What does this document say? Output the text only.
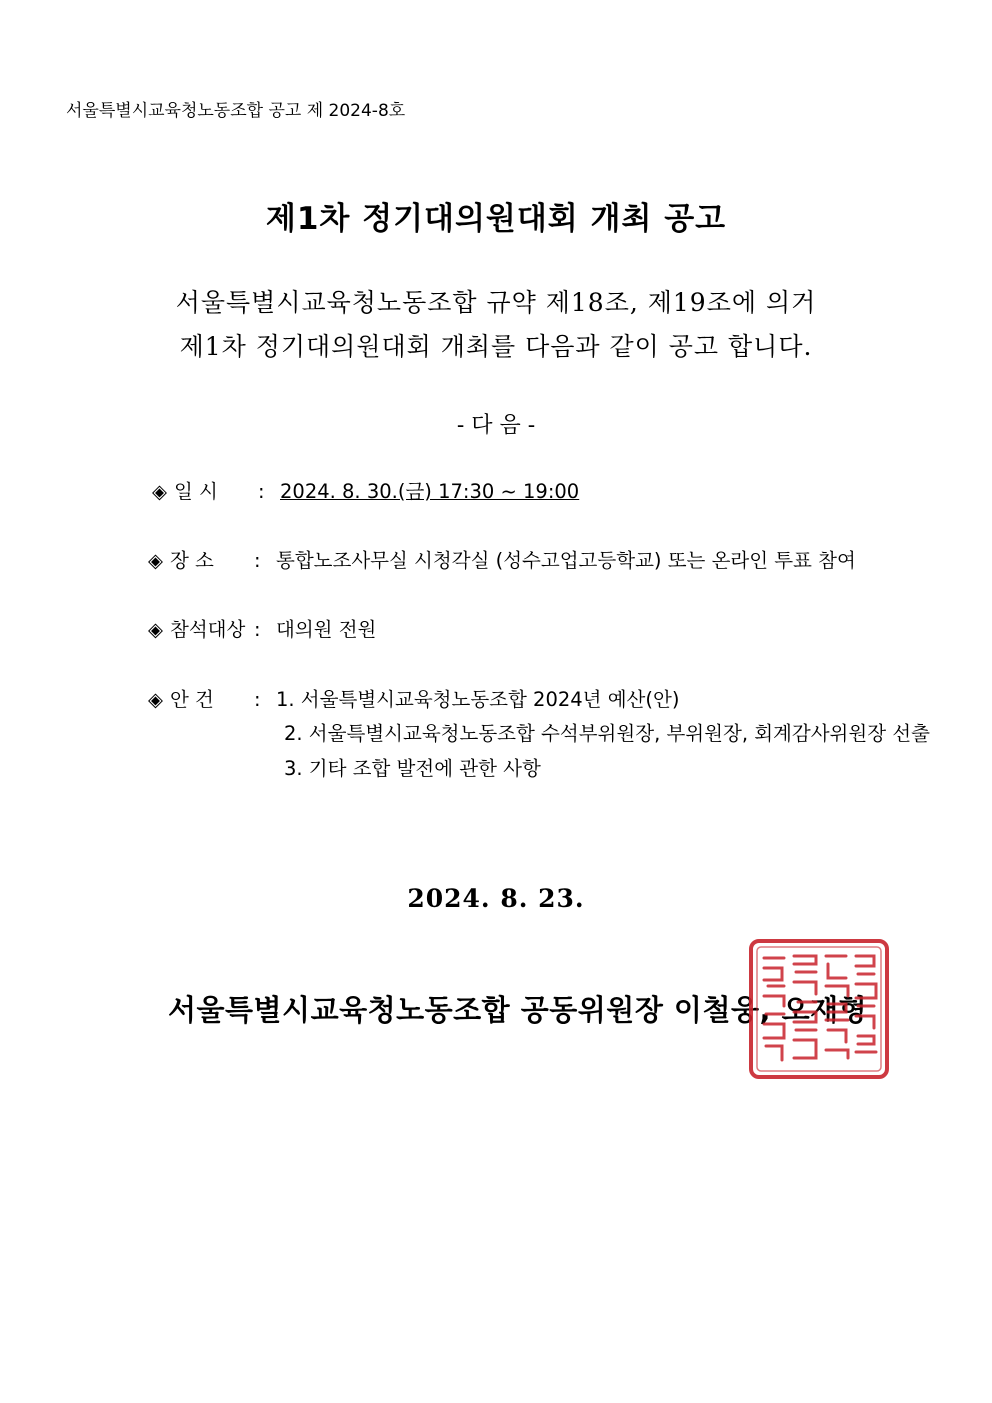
서울특별시교육청노동조합 공고 제 2024-8호
제1차 정기대의원대회 개최 공고
서울특별시교육청노동조합 규약 제18조, 제19조에 의거
제1차 정기대의원대회 개최를 다음과 같이 공고 합니다.
- 다 음 -
◈ 일 시 : 2024. 8. 30.(금) 17:30 ~ 19:00
◈ 장 소 : 통합노조사무실 시청각실 (성수고업고등학교) 또는 온라인 투표 참여
◈ 참석대상 : 대의원 전원
◈ 안 건 : 1. 서울특별시교육청노동조합 2024년 예산(안)
2. 서울특별시교육청노동조합 수석부위원장, 부위원장, 회계감사위원장 선출
3. 기타 조합 발전에 관한 사항
2024. 8. 23.
서울특별시교육청노동조합 공동위원장 이철웅, 오재형
